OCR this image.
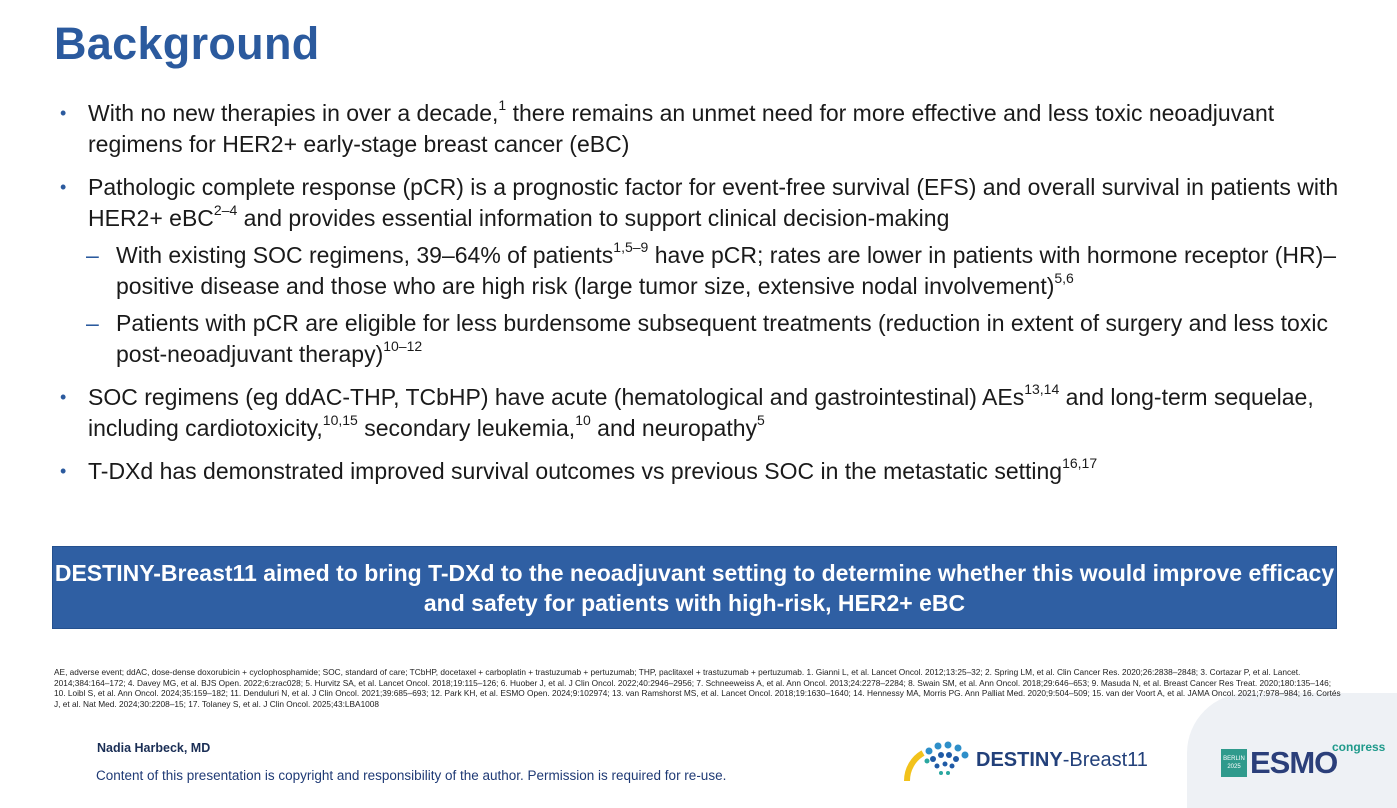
Background
• With no new therapies in over a decade,$^1$ there remains an unmet need for more effective and less toxic neoadjuvant regimens for HER2+ early-stage breast cancer (eBC)
• Pathologic complete response (pCR) is a prognostic factor for event-free survival (EFS) and overall survival in patients with HER2+ eBC$^{2-4}$ and provides essential information to support clinical decision-making
– With existing SOC regimens, 39–64% of patients$^{1,5-9}$ have pCR; rates are lower in patients with hormone receptor (HR)–positive disease and those who are high risk (large tumor size, extensive nodal involvement)$^{5,6}$
– Patients with pCR are eligible for less burdensome subsequent treatments (reduction in extent of surgery and less toxic post-neoadjuvant therapy)$^{10-12}$
• SOC regimens (eg ddAC-THP, TCbHP) have acute (hematological and gastrointestinal) AEs$^{13,14}$ and long-term sequelae, including cardiotoxicity,$^{10,15}$ secondary leukemia,$^{10}$ and neuropathy$^5$
• T-DXd has demonstrated improved survival outcomes vs previous SOC in the metastatic setting$^{16,17}$
DESTINY-Breast11 aimed to bring T-DXd to the neoadjuvant setting to determine whether this would improve efficacy and safety for patients with high-risk, HER2+ eBC
AE, adverse event; ddAC, dose-dense doxorubicin + cyclophosphamide; SOC, standard of care; TCbHP, docetaxel + carboplatin + trastuzumab + pertuzumab; THP, paclitaxel + trastuzumab + pertuzumab. 1. Gianni L, et al. Lancet Oncol. 2012;13:25–32; 2. Spring LM, et al. Clin Cancer Res. 2020;26:2838–2848; 3. Cortazar P, et al. Lancet. 2014;384:164–172; 4. Davey MG, et al. BJS Open. 2022;6:zrac028; 5. Hurvitz SA, et al. Lancet Oncol. 2018;19:115–126; 6. Huober J, et al. J Clin Oncol. 2022;40:2946–2956; 7. Schneeweiss A, et al. Ann Oncol. 2013;24:2278–2284; 8. Swain SM, et al. Ann Oncol. 2018;29:646–653; 9. Masuda N, et al. Breast Cancer Res Treat. 2020;180:135–146; 10. Loibl S, et al. Ann Oncol. 2024;35:159–182; 11. Denduluri N, et al. J Clin Oncol. 2021;39:685–693; 12. Park KH, et al. ESMO Open. 2024;9:102974; 13. van Ramshorst MS, et al. Lancet Oncol. 2018;19:1630–1640; 14. Hennessy MA, Morris PG. Ann Palliat Med. 2020;9:504–509; 15. van der Voort A, et al. JAMA Oncol. 2021;7:978–984; 16. Cortés J, et al. Nat Med. 2024;30:2208–15; 17. Tolaney S, et al. J Clin Oncol. 2025;43:LBA1008
Nadia Harbeck, MD
Content of this presentation is copyright and responsibility of the author. Permission is required for re-use.
DESTINY-Breast11	BERLIN 2025 ESMO
congress
